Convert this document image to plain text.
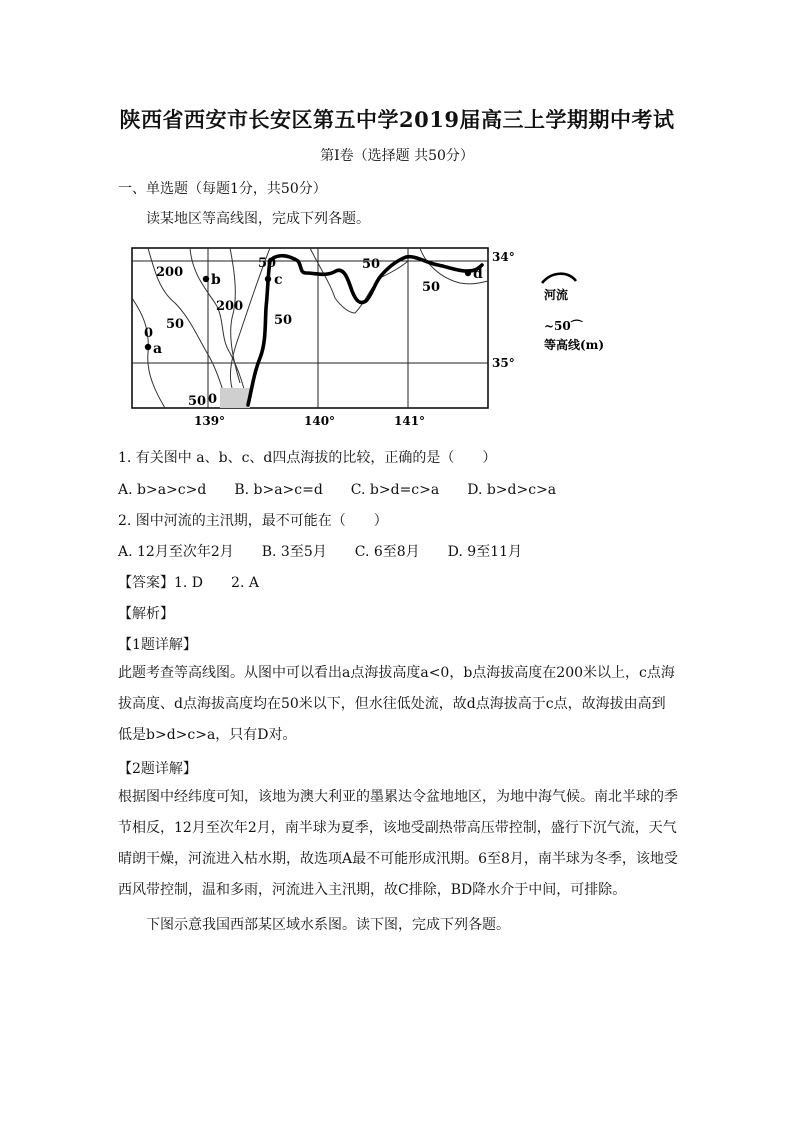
陕西省西安市长安区第五中学2019届高三上学期期中考试
第Ⅰ卷（选择题 共50分）
一、单选题（每题1分，共50分）
读某地区等高线图，完成下列各题。
200
200
50
0
50
50
50
50
50 0
a
b	c	d
34°
35°
139°	140°	141°
河流
~50⌒
等高线(m)
1. 有关图中 a、b、c、d四点海拔的比较，正确的是（　　）
A. b>a>c>d　　B. b>a>c=d　　C. b>d=c>a　　D. b>d>c>a
2. 图中河流的主汛期，最不可能在（　　）
A. 12月至次年2月　　B. 3至5月　　C. 6至8月　　D. 9至11月
【答案】1. D　　2. A
【解析】
【1题详解】
此题考查等高线图。从图中可以看出a点海拔高度a<0，b点海拔高度在200米以上，c点海拔高度、d点海拔高度均在50米以下，但水往低处流，故d点海拔高于c点，故海拔由高到低是b>d>c>a，只有D对。
【2题详解】
根据图中经纬度可知，该地为澳大利亚的墨累达令盆地地区，为地中海气候。南北半球的季节相反，12月至次年2月，南半球为夏季，该地受副热带高压带控制，盛行下沉气流，天气晴朗干燥，河流进入枯水期，故选项A最不可能形成汛期。6至8月，南半球为冬季，该地受西风带控制，温和多雨，河流进入主汛期，故C排除，BD降水介于中间，可排除。
下图示意我国西部某区域水系图。读下图，完成下列各题。
